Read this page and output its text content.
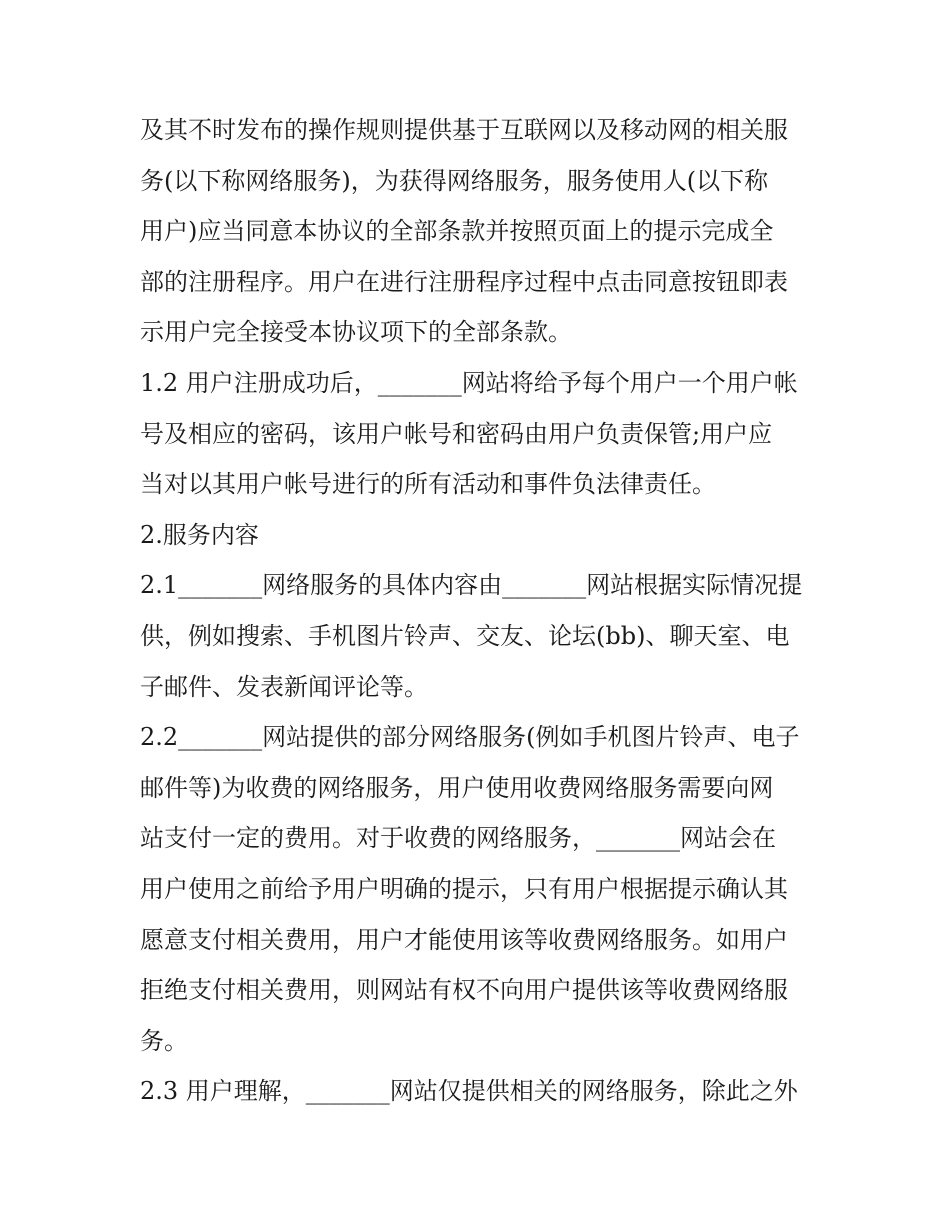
及其不时发布的操作规则提供基于互联网以及移动网的相关服
务(以下称网络服务)，为获得网络服务，服务使用人(以下称
用户)应当同意本协议的全部条款并按照页面上的提示完成全
部的注册程序。用户在进行注册程序过程中点击同意按钮即表
示用户完全接受本协议项下的全部条款。
1.2 用户注册成功后，_______网站将给予每个用户一个用户帐
号及相应的密码，该用户帐号和密码由用户负责保管;用户应
当对以其用户帐号进行的所有活动和事件负法律责任。
2.服务内容
2.1_______网络服务的具体内容由_______网站根据实际情况提
供，例如搜索、手机图片铃声、交友、论坛(bb)、聊天室、电
子邮件、发表新闻评论等。
2.2_______网站提供的部分网络服务(例如手机图片铃声、电子
邮件等)为收费的网络服务，用户使用收费网络服务需要向网
站支付一定的费用。对于收费的网络服务，_______网站会在
用户使用之前给予用户明确的提示，只有用户根据提示确认其
愿意支付相关费用，用户才能使用该等收费网络服务。如用户
拒绝支付相关费用，则网站有权不向用户提供该等收费网络服
务。
2.3 用户理解，_______网站仅提供相关的网络服务，除此之外
